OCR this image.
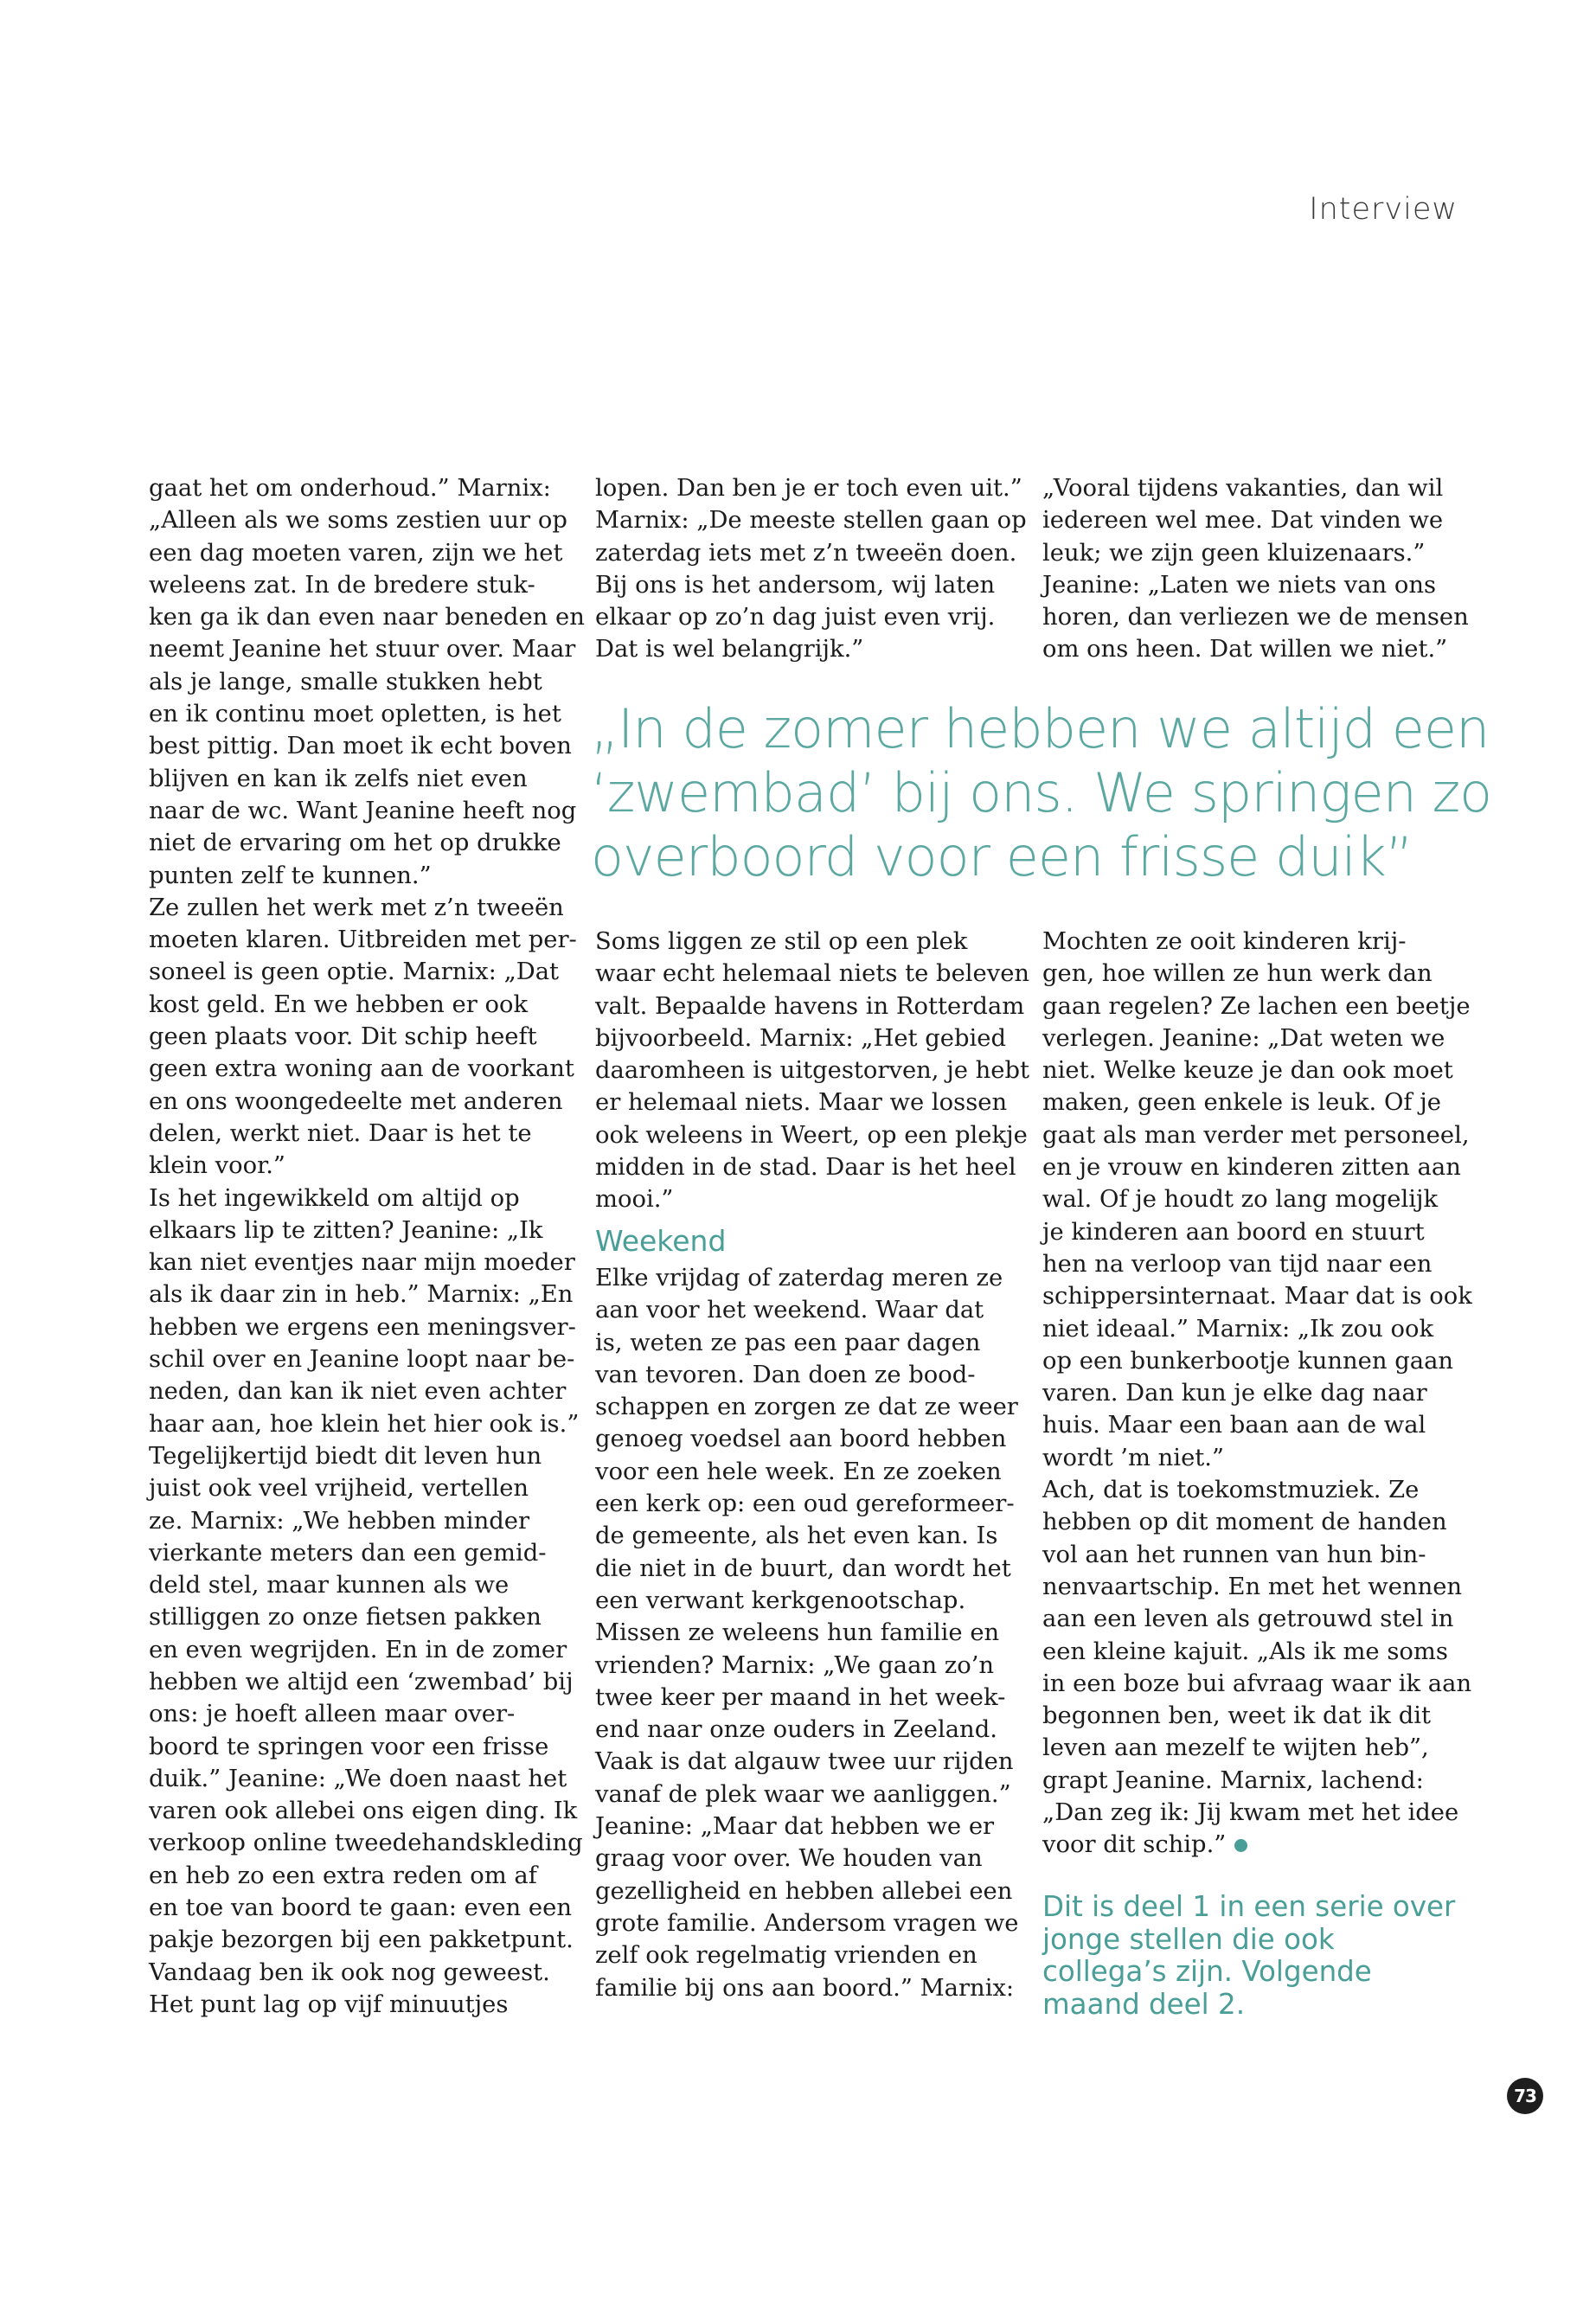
Interview
gaat het om onderhoud.” Marnix:
„Alleen als we soms zestien uur op
een dag moeten varen, zijn we het
weleens zat. In de bredere stuk-
ken ga ik dan even naar beneden en
neemt Jeanine het stuur over. Maar
als je lange, smalle stukken hebt
en ik continu moet opletten, is het
best pittig. Dan moet ik echt boven
blijven en kan ik zelfs niet even
naar de wc. Want Jeanine heeft nog
niet de ervaring om het op drukke
punten zelf te kunnen.”
Ze zullen het werk met z’n tweeën
moeten klaren. Uitbreiden met per-
soneel is geen optie. Marnix: „Dat
kost geld. En we hebben er ook
geen plaats voor. Dit schip heeft
geen extra woning aan de voorkant
en ons woongedeelte met anderen
delen, werkt niet. Daar is het te
klein voor.”
Is het ingewikkeld om altijd op
elkaars lip te zitten? Jeanine: „Ik
kan niet eventjes naar mijn moeder
als ik daar zin in heb.” Marnix: „En
hebben we ergens een meningsver-
schil over en Jeanine loopt naar be-
neden, dan kan ik niet even achter
haar aan, hoe klein het hier ook is.”
Tegelijkertijd biedt dit leven hun
juist ook veel vrijheid, vertellen
ze. Marnix: „We hebben minder
vierkante meters dan een gemid-
deld stel, maar kunnen als we
stilliggen zo onze fietsen pakken
en even wegrijden. En in de zomer
hebben we altijd een ‘zwembad’ bij
ons: je hoeft alleen maar over-
boord te springen voor een frisse
duik.” Jeanine: „We doen naast het
varen ook allebei ons eigen ding. Ik
verkoop online tweedehandskleding
en heb zo een extra reden om af
en toe van boord te gaan: even een
pakje bezorgen bij een pakketpunt.
Vandaag ben ik ook nog geweest.
Het punt lag op vijf minuutjes
lopen. Dan ben je er toch even uit.”
Marnix: „De meeste stellen gaan op
zaterdag iets met z’n tweeën doen.
Bij ons is het andersom, wij laten
elkaar op zo’n dag juist even vrij.
Dat is wel belangrijk.”
„Vooral tijdens vakanties, dan wil
iedereen wel mee. Dat vinden we
leuk; we zijn geen kluizenaars.”
Jeanine: „Laten we niets van ons
horen, dan verliezen we de mensen
om ons heen. Dat willen we niet.”
„In de zomer hebben we altijd een
‘zwembad’ bij ons. We springen zo
overboord voor een frisse duik”
Soms liggen ze stil op een plek
waar echt helemaal niets te beleven
valt. Bepaalde havens in Rotterdam
bijvoorbeeld. Marnix: „Het gebied
daaromheen is uitgestorven, je hebt
er helemaal niets. Maar we lossen
ook weleens in Weert, op een plekje
midden in de stad. Daar is het heel
mooi.”
Weekend
Elke vrijdag of zaterdag meren ze
aan voor het weekend. Waar dat
is, weten ze pas een paar dagen
van tevoren. Dan doen ze bood-
schappen en zorgen ze dat ze weer
genoeg voedsel aan boord hebben
voor een hele week. En ze zoeken
een kerk op: een oud gereformeer-
de gemeente, als het even kan. Is
die niet in de buurt, dan wordt het
een verwant kerkgenootschap.
Missen ze weleens hun familie en
vrienden? Marnix: „We gaan zo’n
twee keer per maand in het week-
end naar onze ouders in Zeeland.
Vaak is dat algauw twee uur rijden
vanaf de plek waar we aanliggen.”
Jeanine: „Maar dat hebben we er
graag voor over. We houden van
gezelligheid en hebben allebei een
grote familie. Andersom vragen we
zelf ook regelmatig vrienden en
familie bij ons aan boord.” Marnix:
Mochten ze ooit kinderen krij-
gen, hoe willen ze hun werk dan
gaan regelen? Ze lachen een beetje
verlegen. Jeanine: „Dat weten we
niet. Welke keuze je dan ook moet
maken, geen enkele is leuk. Of je
gaat als man verder met personeel,
en je vrouw en kinderen zitten aan
wal. Of je houdt zo lang mogelijk
je kinderen aan boord en stuurt
hen na verloop van tijd naar een
schippersinternaat. Maar dat is ook
niet ideaal.” Marnix: „Ik zou ook
op een bunkerbootje kunnen gaan
varen. Dan kun je elke dag naar
huis. Maar een baan aan de wal
wordt ’m niet.”
Ach, dat is toekomstmuziek. Ze
hebben op dit moment de handen
vol aan het runnen van hun bin-
nenvaartschip. En met het wennen
aan een leven als getrouwd stel in
een kleine kajuit. „Als ik me soms
in een boze bui afvraag waar ik aan
begonnen ben, weet ik dat ik dit
leven aan mezelf te wijten heb”,
grapt Jeanine. Marnix, lachend:
„Dan zeg ik: Jij kwam met het idee
voor dit schip.”
Dit is deel 1 in een serie over
jonge stellen die ook
collega’s zijn. Volgende
maand deel 2.
73
